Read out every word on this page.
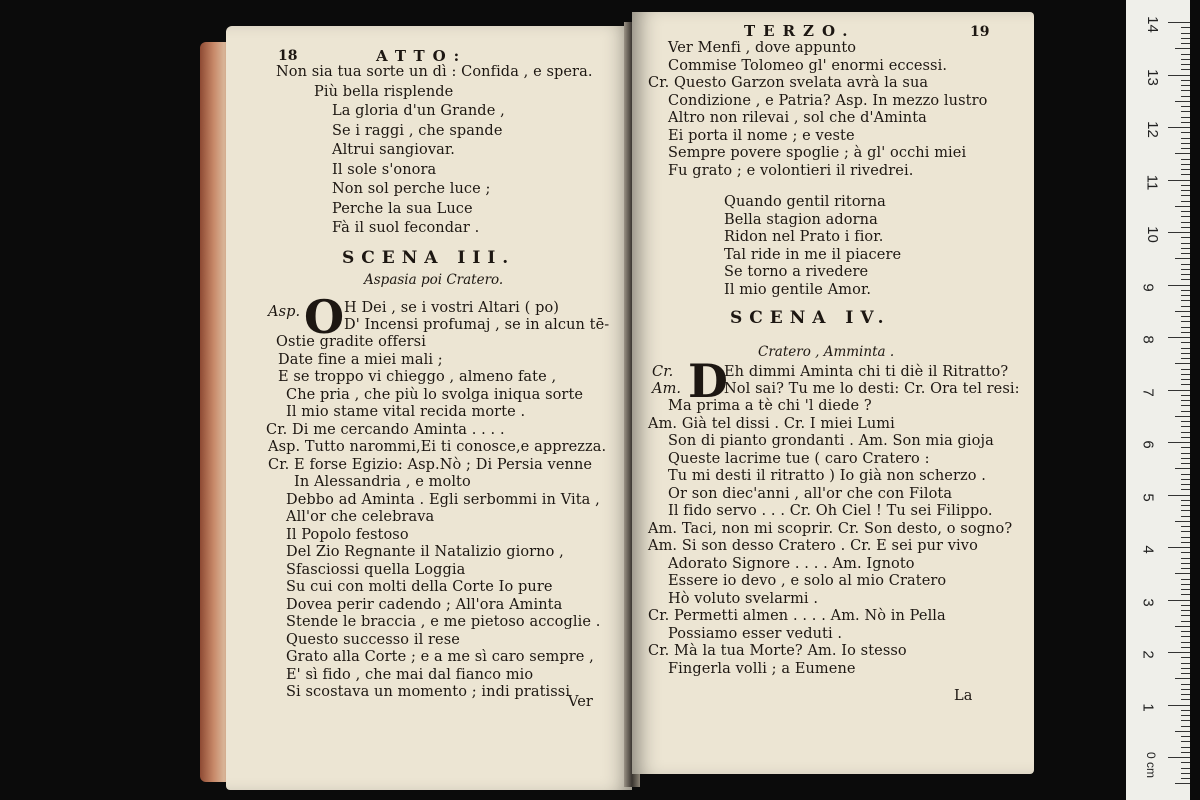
18	ATTO:
Non sia tua sorte un dì : Confida , e spera.
Più bella risplende
La gloria d'un Grande ,
Se i raggi , che spande
Altrui sangiovar.
Il sole s'onora
Non sol perche luce ;
Perche la sua Luce
Fà il suol fecondar .
SCENA III.
Aspasia poi Cratero.
Asp. O H Dei , se i vostri Altari ( po)
D' Incensi profumaj , se in alcun tē-
Ostie gradite offersi
Date fine a miei mali ;
E se troppo vi chieggo , almeno fate ,
Che pria , che più lo svolga iniqua sorte
Il mio stame vital recida morte .
Cr. Di me cercando Aminta . . . .
Asp. Tutto narommi,Ei ti conosce,e apprezza.
Cr. E forse Egizio: Asp.Nò ; Di Persia venne
In Alessandria , e molto
Debbo ad Aminta . Egli serbommi in Vita ,
All'or che celebrava
Il Popolo festoso
Del Zio Regnante il Natalizio giorno ,
Sfasciossi quella Loggia
Su cui con molti della Corte Io pure
Dovea perir cadendo ; All'ora Aminta
Stende le braccia , e me pietoso accoglie .
Questo successo il rese
Grato alla Corte ; e a me sì caro sempre ,
E' sì fido , che mai dal fianco mio
Si scostava un momento ; indi pratissi
Ver
TERZO.	19
Ver Menfi , dove appunto
Commise Tolomeo gl' enormi eccessi.
Cr. Questo Garzon svelata avrà la sua
Condizione , e Patria? Asp. In mezzo lustro
Altro non rilevai , sol che d'Aminta
Ei porta il nome ; e veste
Sempre povere spoglie ; à gl' occhi miei
Fu grato ; e volontieri il rivedrei.
Quando gentil ritorna
Bella stagion adorna
Ridon nel Prato i fior.
Tal ride in me il piacere
Se torno a rivedere
Il mio gentile Amor.
SCENA IV.
Cratero , Amminta .
Cr.
Am. D
Eh dimmi Aminta chi ti diè il Ritratto?
Nol sai? Tu me lo desti: Cr. Ora tel resi:
Ma prima a tè chi 'l diede ?
Am. Già tel dissi . Cr. I miei Lumi
Son di pianto grondanti . Am. Son mia gioja
Queste lacrime tue ( caro Cratero :
Tu mi desti il ritratto ) Io già non scherzo .
Or son diec'anni , all'or che con Filota
Il fido servo . . . Cr. Oh Ciel ! Tu sei Filippo.
Am. Taci, non mi scoprir. Cr. Son desto, o sogno?
Am. Si son desso Cratero . Cr. E sei pur vivo
Adorato Signore . . . . Am. Ignoto
Essere io devo , e solo al mio Cratero
Hò voluto svelarmi .
Cr. Permetti almen . . . . Am. Nò in Pella
Possiamo esser veduti .
Cr. Mà la tua Morte? Am. Io stesso
Fingerla volli ; a Eumene
La
14
13
12
11
10
9
8
7
6
5
4
3
2
1
0 cm
